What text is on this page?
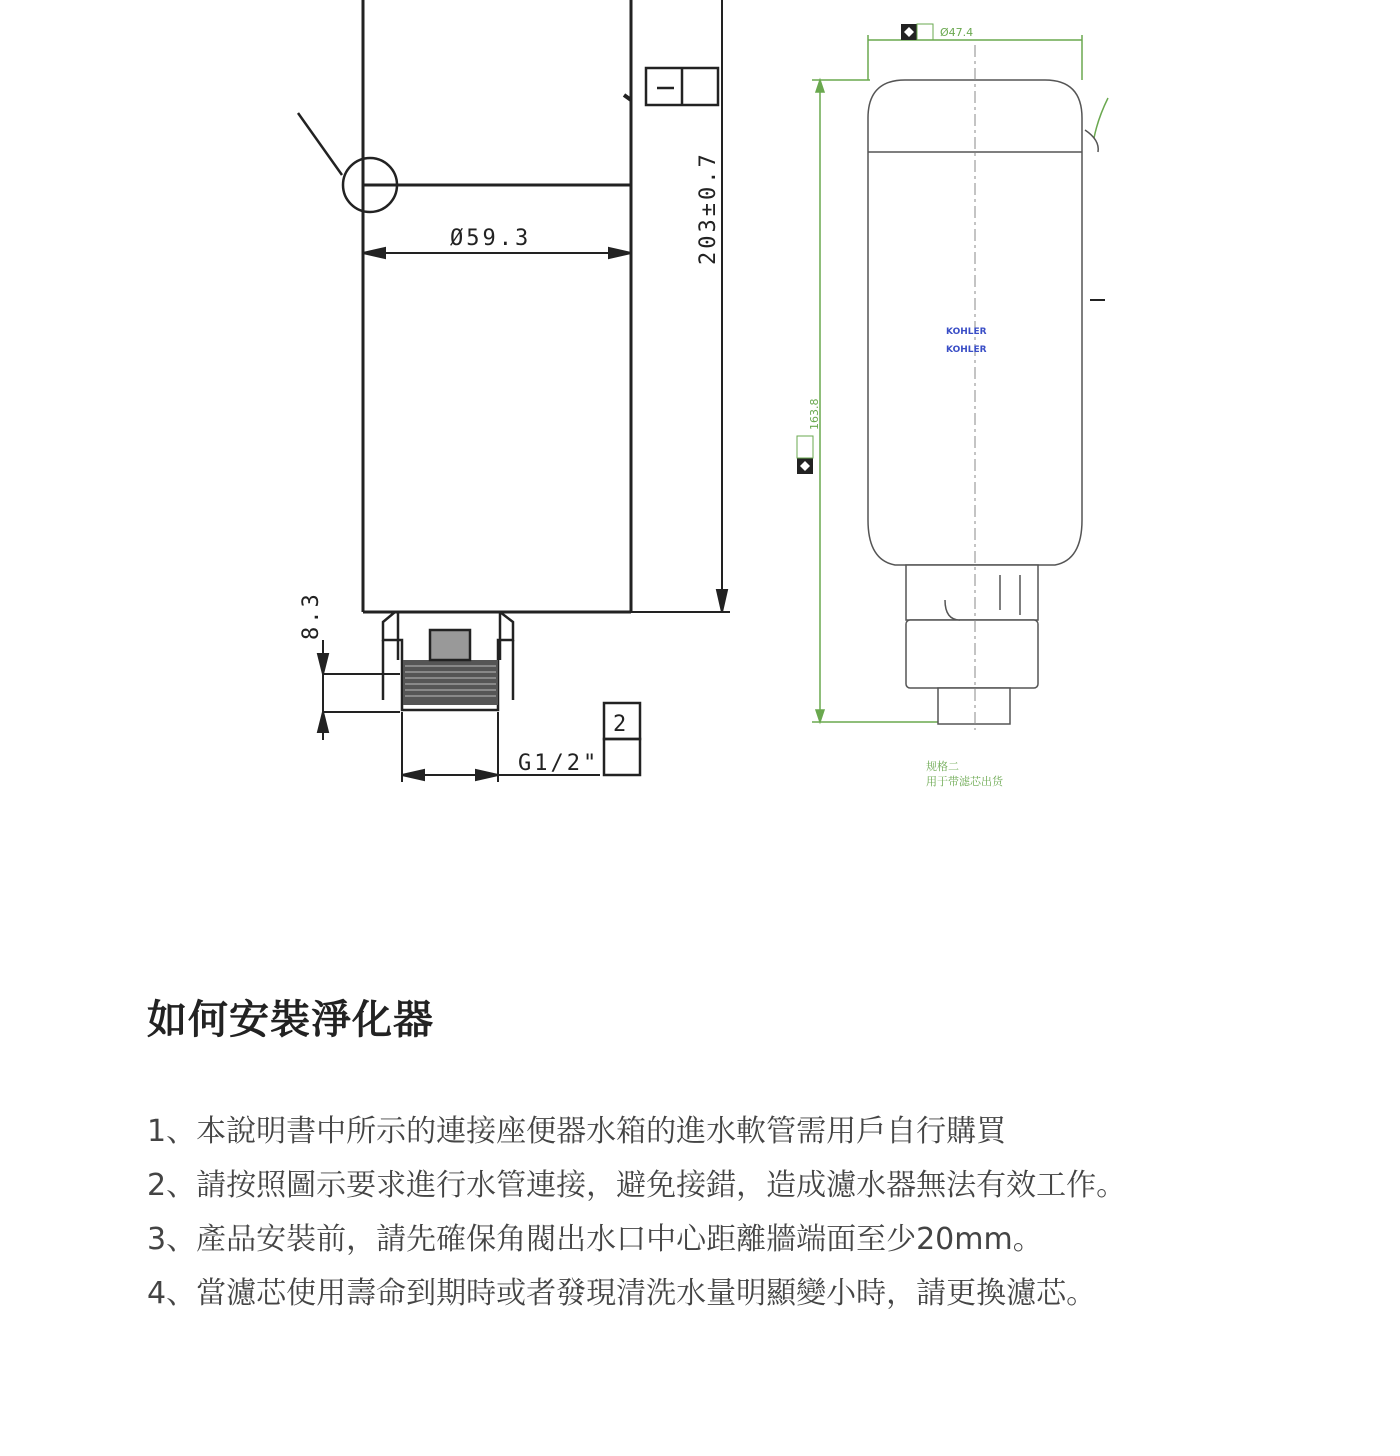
Ø59.3	203±0.7
8.3
G1/2"
2
Ø47.4
163.8
KOHLER
KOHLER
规格二
用于带滤芯出货
如何安裝淨化器
1、本說明書中所示的連接座便器水箱的進水軟管需用戶自行購買
2、請按照圖示要求進行水管連接，避免接錯，造成濾水器無法有效工作。
3、產品安裝前，請先確保角閥出水口中心距離牆端面至少20mm。
4、當濾芯使用壽命到期時或者發現清洗水量明顯變小時，請更換濾芯。
